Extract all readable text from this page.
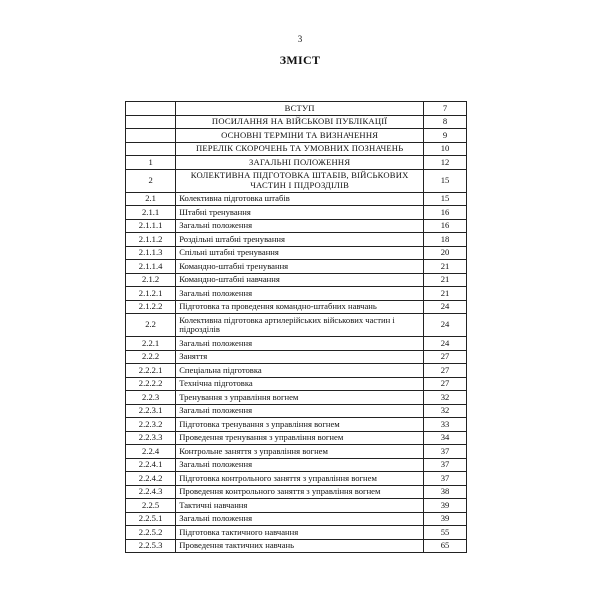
3
ЗМІСТ
	ВСТУП	7
	ПОСИЛАННЯ НА ВІЙСЬКОВІ ПУБЛІКАЦІЇ	8
	ОСНОВНІ ТЕРМІНИ ТА ВИЗНАЧЕННЯ	9
	ПЕРЕЛІК СКОРОЧЕНЬ ТА УМОВНИХ ПОЗНАЧЕНЬ	10
1	ЗАГАЛЬНІ ПОЛОЖЕННЯ	12
2	КОЛЕКТИВНА ПІДГОТОВКА ШТАБІВ, ВІЙСЬКОВИХ ЧАСТИН І ПІДРОЗДІЛІВ	15
2.1	Колективна підготовка штабів	15
2.1.1	Штабні тренування	16
2.1.1.1	Загальні положення	16
2.1.1.2	Роздільні штабні тренування	18
2.1.1.3	Спільні штабні тренування	20
2.1.1.4	Командно-штабні тренування	21
2.1.2	Командно-штабні навчання	21
2.1.2.1	Загальні положення	21
2.1.2.2	Підготовка та проведення командно-штабних навчань	24
2.2	Колективна підготовка артилерійських військових частин і підрозділів	24
2.2.1	Загальні положення	24
2.2.2	Заняття	27
2.2.2.1	Спеціальна підготовка	27
2.2.2.2	Технічна підготовка	27
2.2.3	Тренування з управління вогнем	32
2.2.3.1	Загальні положення	32
2.2.3.2	Підготовка тренування з управління вогнем	33
2.2.3.3	Проведення тренування з управління вогнем	34
2.2.4	Контрольне заняття з управління вогнем	37
2.2.4.1	Загальні положення	37
2.2.4.2	Підготовка контрольного заняття з управління вогнем	37
2.2.4.3	Проведення контрольного заняття з управління вогнем	38
2.2.5	Тактичні навчання	39
2.2.5.1	Загальні положення	39
2.2.5.2	Підготовка тактичного навчання	55
2.2.5.3	Проведення тактичних навчань	65
